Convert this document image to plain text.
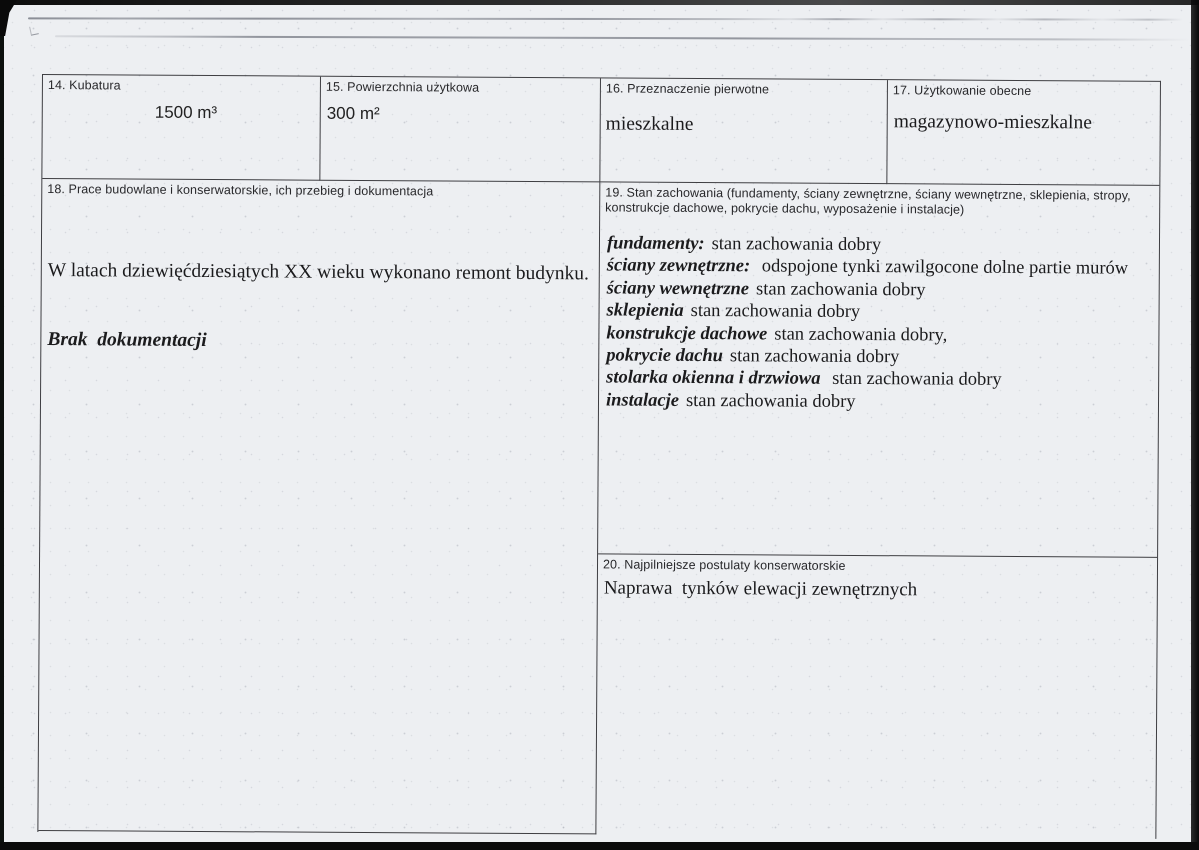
14. Kubatura
1500 m³
15. Powierzchnia użytkowa
300 m²
16. Przeznaczenie pierwotne
mieszkalne
17. Użytkowanie obecne
magazynowo-mieszkalne
18. Prace budowlane i konserwatorskie, ich przebieg i dokumentacja

W latach dziewięćdziesiątych XX wieku wykonano remont budynku.

Brak  dokumentacji

19. Stan zachowania (fundamenty, ściany zewnętrzne, ściany wewnętrzne, sklepienia, stropy, konstrukcje dachowe, pokrycie dachu, wyposażenie i instalacje)
fundamenty: stan zachowania dobry
ściany zewnętrzne: odspojone tynki zawilgocone dolne partie murów
ściany wewnętrzne stan zachowania dobry
sklepienia stan zachowania dobry
konstrukcje dachowe stan zachowania dobry,
pokrycie dachu stan zachowania dobry
stolarka okienna i drzwiowa stan zachowania dobry
instalacje stan zachowania dobry
20. Najpilniejsze postulaty konserwatorskie
Naprawa  tynków elewacji zewnętrznych
